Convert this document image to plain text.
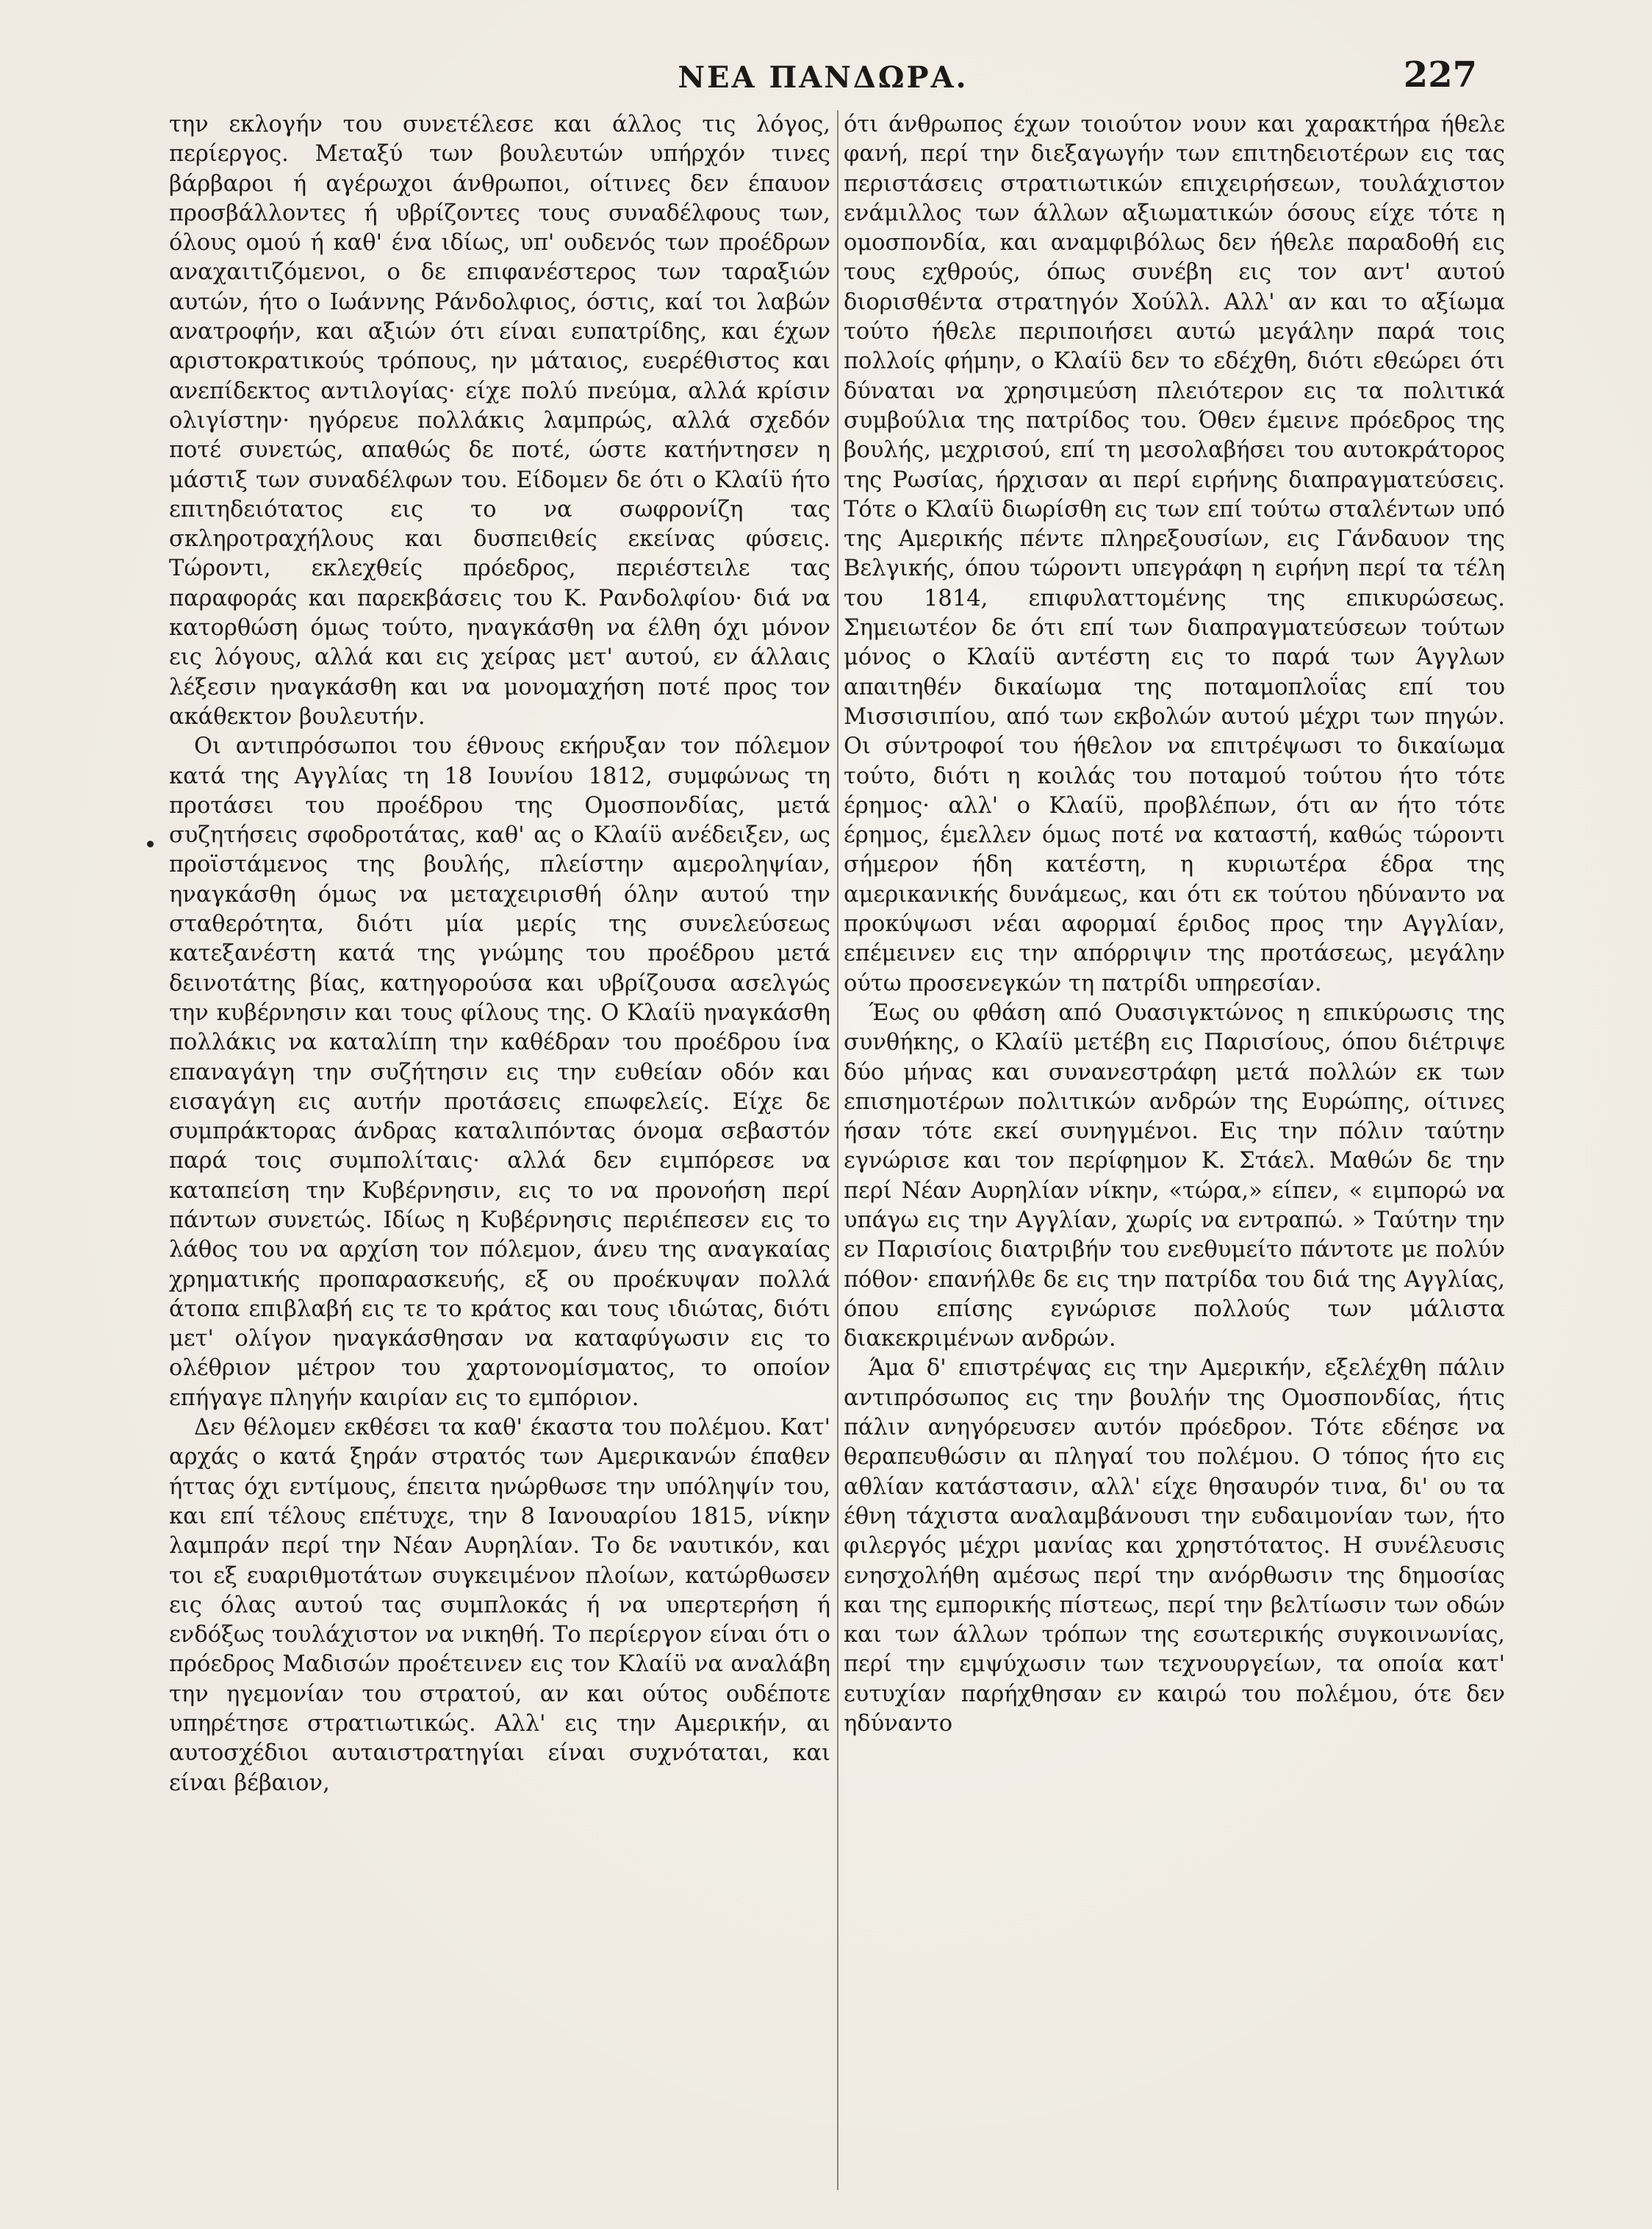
ΝΕΑ ΠΑΝΔΩΡΑ.	227

την εκλογήν του συνετέλεσε και άλλος τις λόγος, περίεργος. Μεταξύ των βουλευτών υπήρχόν τινες βάρβαροι ή αγέρωχοι άνθρωποι, οίτινες δεν έπαυον προσβάλλοντες ή υβρίζοντες τους συναδέλφους των, όλους ομού ή καθ' ένα ιδίως, υπ' ουδενός των προέδρων αναχαιτιζόμενοι, ο δε επιφανέστερος των ταραξιών αυτών, ήτο ο Ιωάννης Ράνδολφιος, όστις, καί τοι λαβών ανατροφήν, και αξιών ότι είναι ευπατρίδης, και έχων αριστοκρατικούς τρόπους, ην μάταιος, ευερέθιστος και ανεπίδεκτος αντιλογίας· είχε πολύ πνεύμα, αλλά κρίσιν ολιγίστην· ηγόρευε πολλάκις λαμπρώς, αλλά σχεδόν ποτέ συνετώς, απαθώς δε ποτέ, ώστε κατήντησεν η μάστιξ των συναδέλφων του. Είδομεν δε ότι ο Κλαίϋ ήτο επιτηδειότατος εις το να σωφρονίζη τας σκληροτραχήλους και δυσπειθείς εκείνας φύσεις. Τώροντι, εκλεχθείς πρόεδρος, περιέστειλε τας παραφοράς και παρεκβάσεις του Κ. Ρανδολφίου· διά να κατορθώση όμως τούτο, ηναγκάσθη να έλθη όχι μόνον εις λόγους, αλλά και εις χείρας μετ' αυτού, εν άλλαις λέξεσιν ηναγκάσθη και να μονομαχήση ποτέ προς τον ακάθεκτον βουλευτήν.

Οι αντιπρόσωποι του έθνους εκήρυξαν τον πόλεμον κατά της Αγγλίας τη 18 Ιουνίου 1812, συμφώνως τη προτάσει του προέδρου της Ομοσπονδίας, μετά συζητήσεις σφοδροτάτας, καθ' ας ο Κλαίϋ ανέδειξεν, ως προϊστάμενος της βουλής, πλείστην αμεροληψίαν, ηναγκάσθη όμως να μεταχειρισθή όλην αυτού την σταθερότητα, διότι μία μερίς της συνελεύσεως κατεξανέστη κατά της γνώμης του προέδρου μετά δεινοτάτης βίας, κατηγορούσα και υβρίζουσα ασελγώς την κυβέρνησιν και τους φίλους της. Ο Κλαίϋ ηναγκάσθη πολλάκις να καταλίπη την καθέδραν του προέδρου ίνα επαναγάγη την συζήτησιν εις την ευθείαν οδόν και εισαγάγη εις αυτήν προτάσεις επωφελείς. Είχε δε συμπράκτορας άνδρας καταλιπόντας όνομα σεβαστόν παρά τοις συμπολίταις· αλλά δεν ειμπόρεσε να καταπείση την Κυβέρνησιν, εις το να προνοήση περί πάντων συνετώς. Ιδίως η Κυβέρνησις περιέπεσεν εις το λάθος του να αρχίση τον πόλεμον, άνευ της αναγκαίας χρηματικής προπαρασκευής, εξ ου προέκυψαν πολλά άτοπα επιβλαβή εις τε το κράτος και τους ιδιώτας, διότι μετ' ολίγον ηναγκάσθησαν να καταφύγωσιν εις το ολέθριον μέτρον του χαρτονομίσματος, το οποίον επήγαγε πληγήν καιρίαν εις το εμπόριον.

Δεν θέλομεν εκθέσει τα καθ' έκαστα του πολέμου. Κατ' αρχάς ο κατά ξηράν στρατός των Αμερικανών έπαθεν ήττας όχι εντίμους, έπειτα ηνώρθωσε την υπόληψίν του, και επί τέλους επέτυχε, την 8 Ιανουαρίου 1815, νίκην λαμπράν περί την Νέαν Αυρηλίαν. Το δε ναυτικόν, και τοι εξ ευαριθμοτάτων συγκειμένον πλοίων, κατώρθωσεν εις όλας αυτού τας συμπλοκάς ή να υπερτερήση ή ενδόξως τουλάχιστον να νικηθή. Το περίεργον είναι ότι ο πρόεδρος Μαδισών προέτεινεν εις τον Κλαίϋ να αναλάβη την ηγεμονίαν του στρατού, αν και ούτος ουδέποτε υπηρέτησε στρατιωτικώς. Αλλ' εις την Αμερικήν, αι αυτοσχέδιοι αυταιστρατηγίαι είναι συχνόταται, και είναι βέβαιον,

ότι άνθρωπος έχων τοιούτον νουν και χαρακτήρα ήθελε φανή, περί την διεξαγωγήν των επιτηδειοτέρων εις τας περιστάσεις στρατιωτικών επιχειρήσεων, τουλάχιστον ενάμιλλος των άλλων αξιωματικών όσους είχε τότε η ομοσπονδία, και αναμφιβόλως δεν ήθελε παραδοθή εις τους εχθρούς, όπως συνέβη εις τον αντ' αυτού διορισθέντα στρατηγόν Χούλλ. Αλλ' αν και το αξίωμα τούτο ήθελε περιποιήσει αυτώ μεγάλην παρά τοις πολλοίς φήμην, ο Κλαίϋ δεν το εδέχθη, διότι εθεώρει ότι δύναται να χρησιμεύση πλειότερον εις τα πολιτικά συμβούλια της πατρίδος του. Όθεν έμεινε πρόεδρος της βουλής, μεχρισού, επί τη μεσολαβήσει του αυτοκράτορος της Ρωσίας, ήρχισαν αι περί ειρήνης διαπραγματεύσεις. Τότε ο Κλαίϋ διωρίσθη εις των επί τούτω σταλέντων υπό της Αμερικής πέντε πληρεξουσίων, εις Γάνδαυον της Βελγικής, όπου τώροντι υπεγράφη η ειρήνη περί τα τέλη του 1814, επιφυλαττομένης της επικυρώσεως. Σημειωτέον δε ότι επί των διαπραγματεύσεων τούτων μόνος ο Κλαίϋ αντέστη εις το παρά των Άγγλων απαιτηθέν δικαίωμα της ποταμοπλοΐας επί του Μισσισιπίου, από των εκβολών αυτού μέχρι των πηγών. Οι σύντροφοί του ήθελον να επιτρέψωσι το δικαίωμα τούτο, διότι η κοιλάς του ποταμού τούτου ήτο τότε έρημος· αλλ' ο Κλαίϋ, προβλέπων, ότι αν ήτο τότε έρημος, έμελλεν όμως ποτέ να καταστή, καθώς τώροντι σήμερον ήδη κατέστη, η κυριωτέρα έδρα της αμερικανικής δυνάμεως, και ότι εκ τούτου ηδύναντο να προκύψωσι νέαι αφορμαί έριδος προς την Αγγλίαν, επέμεινεν εις την απόρριψιν της προτάσεως, μεγάλην ούτω προσενεγκών τη πατρίδι υπηρεσίαν.

Έως ου φθάση από Ουασιγκτώνος η επικύρωσις της συνθήκης, ο Κλαίϋ μετέβη εις Παρισίους, όπου διέτριψε δύο μήνας και συνανεστράφη μετά πολλών εκ των επισημοτέρων πολιτικών ανδρών της Ευρώπης, οίτινες ήσαν τότε εκεί συνηγμένοι. Εις την πόλιν ταύτην εγνώρισε και τον περίφημον Κ. Στάελ. Μαθών δε την περί Νέαν Αυρηλίαν νίκην, «τώρα,» είπεν, « ειμπορώ να υπάγω εις την Αγγλίαν, χωρίς να εντραπώ. » Ταύτην την εν Παρισίοις διατριβήν του ενεθυμείτο πάντοτε με πολύν πόθον· επανήλθε δε εις την πατρίδα του διά της Αγγλίας, όπου επίσης εγνώρισε πολλούς των μάλιστα διακεκριμένων ανδρών.

Άμα δ' επιστρέψας εις την Αμερικήν, εξελέχθη πάλιν αντιπρόσωπος εις την βουλήν της Ομοσπονδίας, ήτις πάλιν ανηγόρευσεν αυτόν πρόεδρον. Τότε εδέησε να θεραπευθώσιν αι πληγαί του πολέμου. Ο τόπος ήτο εις αθλίαν κατάστασιν, αλλ' είχε θησαυρόν τινα, δι' ου τα έθνη τάχιστα αναλαμβάνουσι την ευδαιμονίαν των, ήτο φιλεργός μέχρι μανίας και χρηστότατος. Η συνέλευσις ενησχολήθη αμέσως περί την ανόρθωσιν της δημοσίας και της εμπορικής πίστεως, περί την βελτίωσιν των οδών και των άλλων τρόπων της εσωτερικής συγκοινωνίας, περί την εμψύχωσιν των τεχνουργείων, τα οποία κατ' ευτυχίαν παρήχθησαν εν καιρώ του πολέμου, ότε δεν ηδύναντο
